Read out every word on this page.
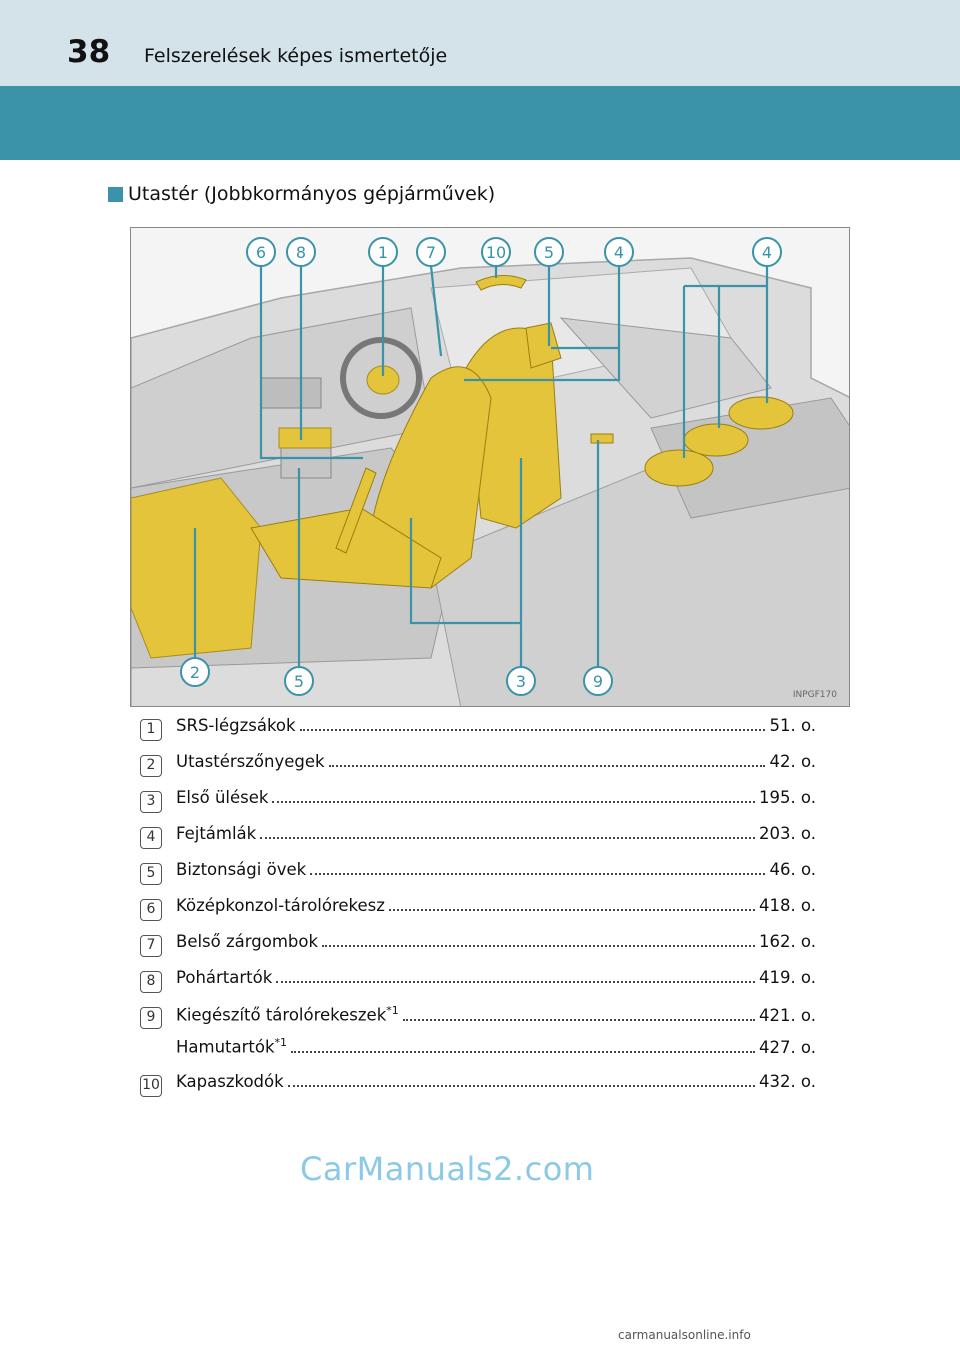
38 Felszerelések képes ismertetője
Utastér (Jobbkormányos gépjárművek)
6 8	1 7	10 5	4	4
2	5	3	9
INPGF170
1	SRS-légzsákok	51. o.
2	Utastérszőnyegek	42. o.
3	Első ülések	195. o.
4	Fejtámlák	203. o.
5	Biztonsági övek	46. o.
6	Középkonzol-tárolórekesz	418. o.
7	Belső zárgombok	162. o.
8	Pohártartók	419. o.
9	Kiegészítő tárolórekeszek$^{*1}$	421. o.
Hamutartók$^{*1}$	427. o.
10 Kapaszkodók	432. o.
CarManuals2.com
carmanualsonline.info
